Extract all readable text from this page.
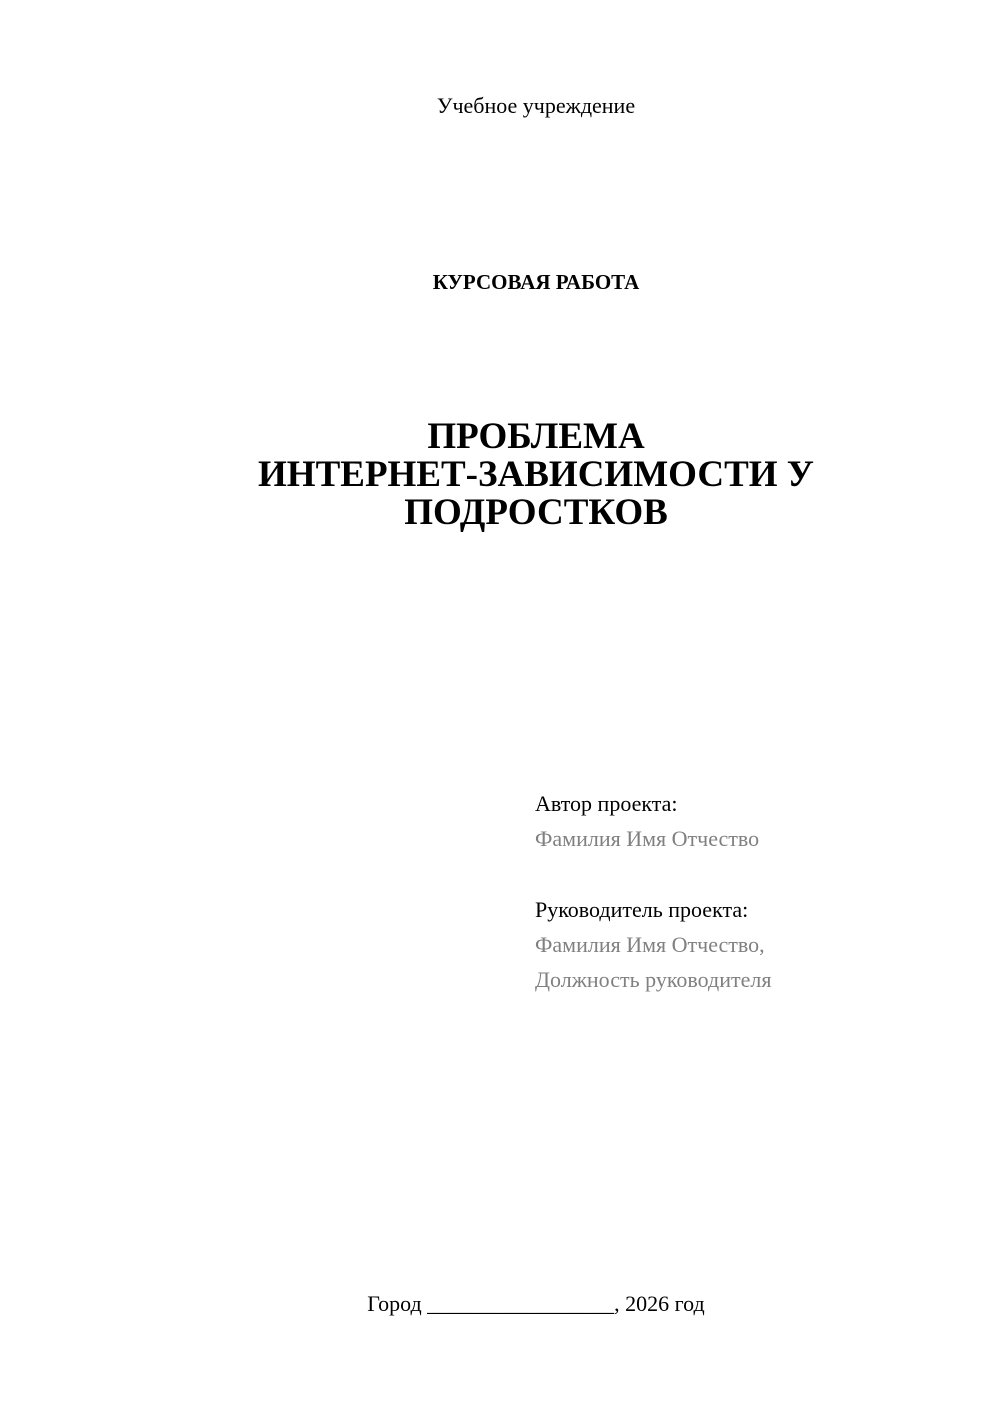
Учебное учреждение
КУРСОВАЯ РАБОТА
ПРОБЛЕМА
ИНТЕРНЕТ-ЗАВИСИМОСТИ У
ПОДРОСТКОВ
Автор проекта:
Фамилия Имя Отчество
Руководитель проекта:
Фамилия Имя Отчество,
Должность руководителя
Город _________________, 2026 год
